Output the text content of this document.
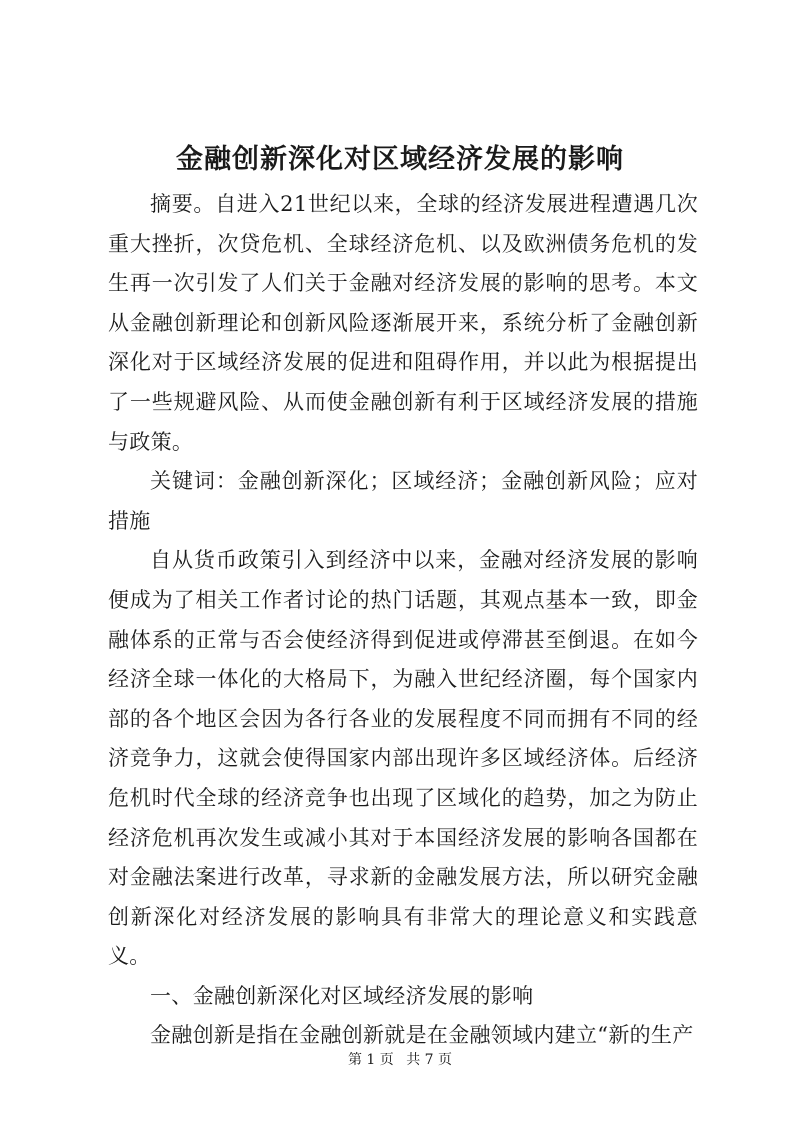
金融创新深化对区域经济发展的影响

摘要。自进入21世纪以来，全球的经济发展进程遭遇几次重大挫折，次贷危机、全球经济危机、以及欧洲债务危机的发生再一次引发了人们关于金融对经济发展的影响的思考。本文从金融创新理论和创新风险逐渐展开来，系统分析了金融创新深化对于区域经济发展的促进和阻碍作用，并以此为根据提出了一些规避风险、从而使金融创新有利于区域经济发展的措施与政策。

关键词：金融创新深化；区域经济；金融创新风险；应对措施

自从货币政策引入到经济中以来，金融对经济发展的影响便成为了相关工作者讨论的热门话题，其观点基本一致，即金融体系的正常与否会使经济得到促进或停滞甚至倒退。在如今经济全球一体化的大格局下，为融入世纪经济圈，每个国家内部的各个地区会因为各行各业的发展程度不同而拥有不同的经济竞争力，这就会使得国家内部出现许多区域经济体。后经济危机时代全球的经济竞争也出现了区域化的趋势，加之为防止经济危机再次发生或减小其对于本国经济发展的影响各国都在对金融法案进行改革，寻求新的金融发展方法，所以研究金融创新深化对经济发展的影响具有非常大的理论意义和实践意义。

一、金融创新深化对区域经济发展的影响

金融创新是指在金融创新就是在金融领域内建立“新的生产

第 1 页 共 7 页
